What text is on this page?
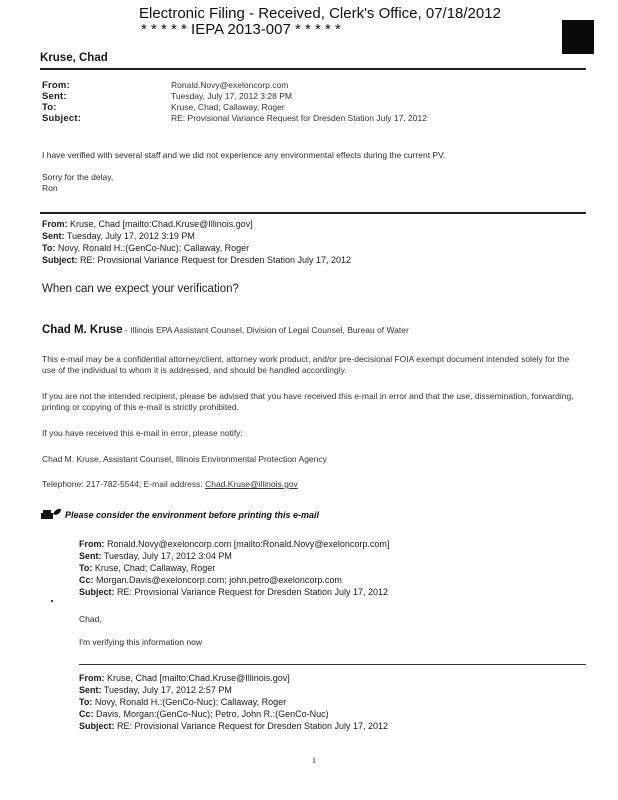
Electronic Filing - Received, Clerk's Office, 07/18/2012
* * * * * IEPA 2013-007 * * * * *
Kruse, Chad
From:	Ronald.Novy@exeloncorp.com
Sent:	Tuesday, July 17, 2012 3:28 PM
To:	Kruse, Chad; Callaway, Roger
Subject:	RE: Provisional Variance Request for Dresden Station July 17, 2012
I have verified with several staff and we did not experience any environmental effects during the current PV.
Sorry for the delay,
Ron
From: Kruse, Chad [mailto:Chad.Kruse@Illinois.gov]
Sent: Tuesday, July 17, 2012 3:19 PM
To: Novy, Ronald H.:(GenCo-Nuc); Callaway, Roger
Subject: RE: Provisional Variance Request for Dresden Station July 17, 2012
When can we expect your verification?
Chad M. Kruse - Illinois EPA Assistant Counsel, Division of Legal Counsel, Bureau of Water
This e-mail may be a confidential attorney/client, attorney work product, and/or pre-decisional FOIA exempt document intended solely for the use of the individual to whom it is addressed, and should be handled accordingly.
If you are not the intended recipient, please be advised that you have received this e-mail in error and that the use, dissemination, forwarding, printing or copying of this e-mail is strictly prohibited.
If you have received this e-mail in error, please notify:
Chad M. Kruse, Assistant Counsel, Illinois Environmental Protection Agency
Telephone: 217-782-5544; E-mail address: Chad.Kruse@illinois.gov
Please consider the environment before printing this e-mail
From: Ronald.Novy@exeloncorp.com [mailto:Ronald.Novy@exeloncorp.com]
Sent: Tuesday, July 17, 2012 3:04 PM
To: Kruse, Chad; Callaway, Roger
Cc: Morgan.Davis@exeloncorp.com; john.petro@exeloncorp.com
Subject: RE: Provisional Variance Request for Dresden Station July 17, 2012
Chad,
I'm verifying this information now
From: Kruse, Chad [mailto:Chad.Kruse@Illinois.gov]
Sent: Tuesday, July 17, 2012 2:57 PM
To: Novy, Ronald H.:(GenCo-Nuc); Callaway, Roger
Cc: Davis, Morgan:(GenCo-Nuc); Petro, John R.:(GenCo-Nuc)
Subject: RE: Provisional Variance Request for Dresden Station July 17, 2012
1
